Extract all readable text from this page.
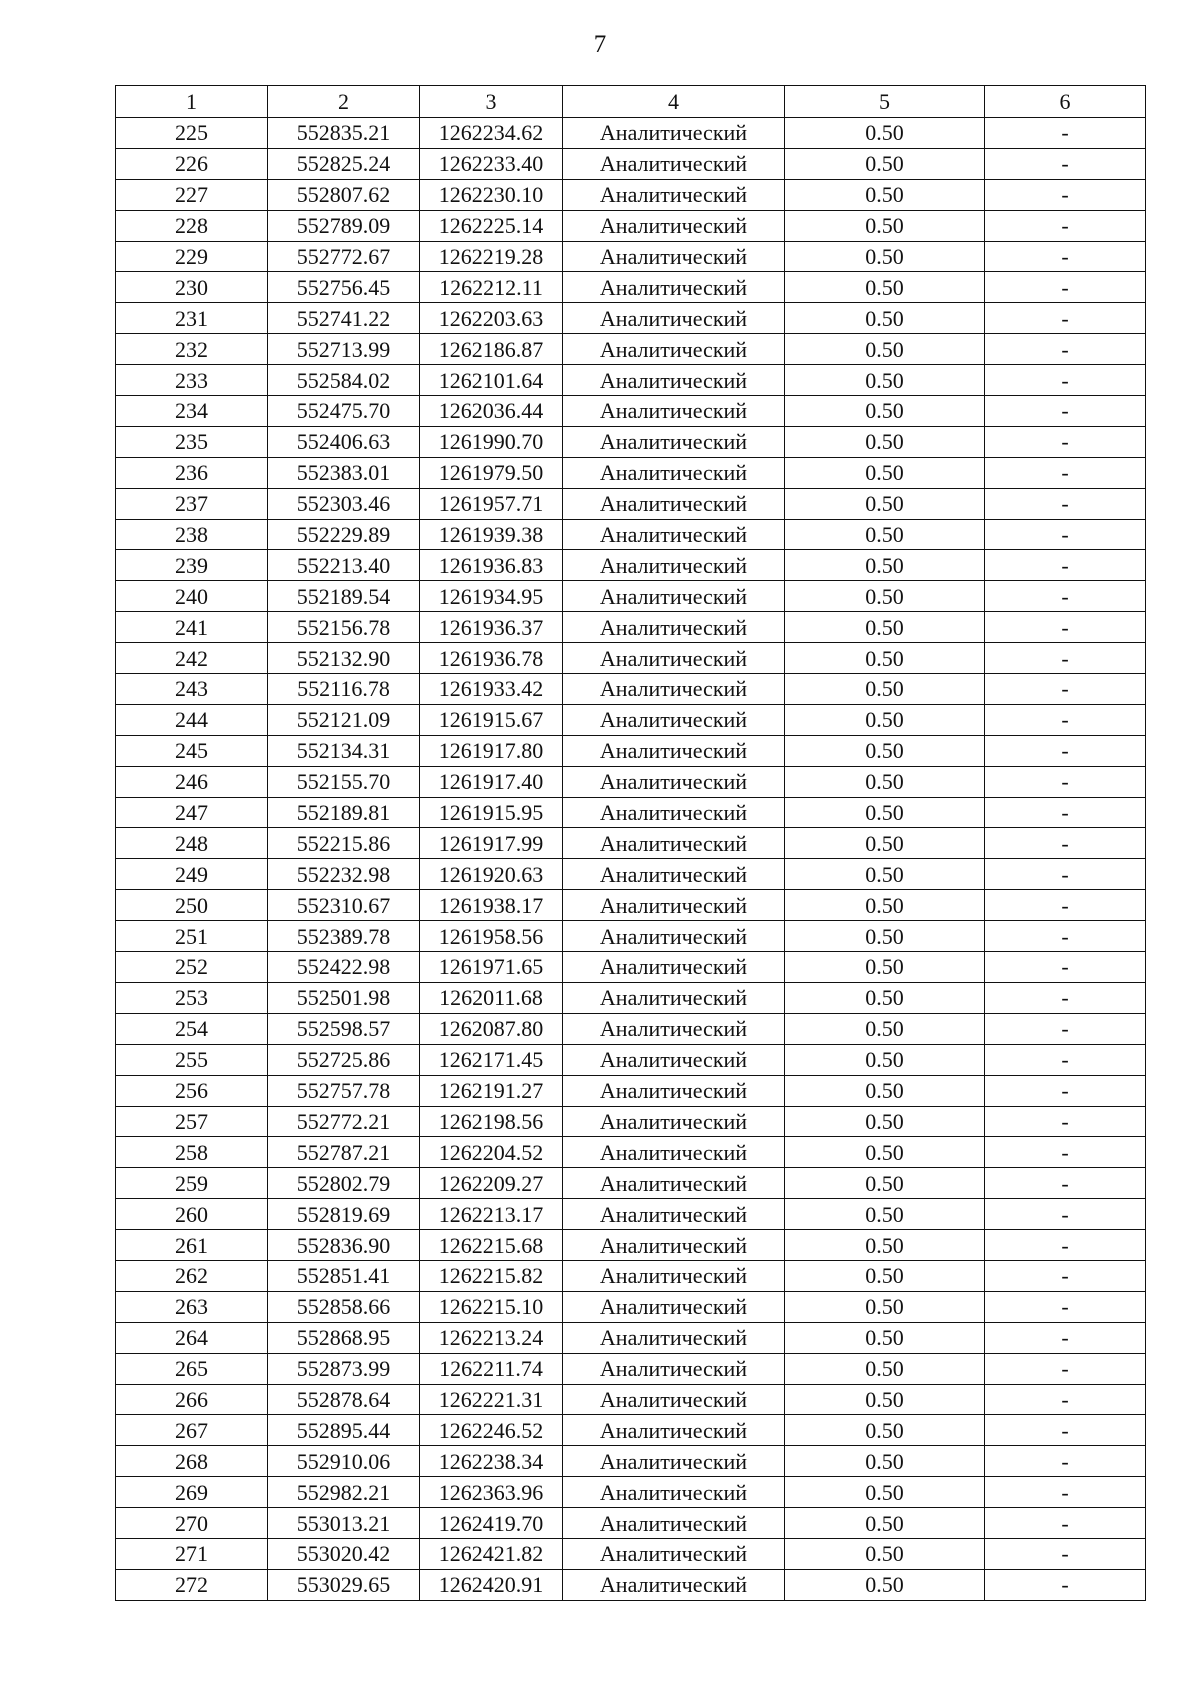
7
1	2	3	4	5	6
225	552835.21	1262234.62	Аналитический	0.50	-
226	552825.24	1262233.40	Аналитический	0.50	-
227	552807.62	1262230.10	Аналитический	0.50	-
228	552789.09	1262225.14	Аналитический	0.50	-
229	552772.67	1262219.28	Аналитический	0.50	-
230	552756.45	1262212.11	Аналитический	0.50	-
231	552741.22	1262203.63	Аналитический	0.50	-
232	552713.99	1262186.87	Аналитический	0.50	-
233	552584.02	1262101.64	Аналитический	0.50	-
234	552475.70	1262036.44	Аналитический	0.50	-
235	552406.63	1261990.70	Аналитический	0.50	-
236	552383.01	1261979.50	Аналитический	0.50	-
237	552303.46	1261957.71	Аналитический	0.50	-
238	552229.89	1261939.38	Аналитический	0.50	-
239	552213.40	1261936.83	Аналитический	0.50	-
240	552189.54	1261934.95	Аналитический	0.50	-
241	552156.78	1261936.37	Аналитический	0.50	-
242	552132.90	1261936.78	Аналитический	0.50	-
243	552116.78	1261933.42	Аналитический	0.50	-
244	552121.09	1261915.67	Аналитический	0.50	-
245	552134.31	1261917.80	Аналитический	0.50	-
246	552155.70	1261917.40	Аналитический	0.50	-
247	552189.81	1261915.95	Аналитический	0.50	-
248	552215.86	1261917.99	Аналитический	0.50	-
249	552232.98	1261920.63	Аналитический	0.50	-
250	552310.67	1261938.17	Аналитический	0.50	-
251	552389.78	1261958.56	Аналитический	0.50	-
252	552422.98	1261971.65	Аналитический	0.50	-
253	552501.98	1262011.68	Аналитический	0.50	-
254	552598.57	1262087.80	Аналитический	0.50	-
255	552725.86	1262171.45	Аналитический	0.50	-
256	552757.78	1262191.27	Аналитический	0.50	-
257	552772.21	1262198.56	Аналитический	0.50	-
258	552787.21	1262204.52	Аналитический	0.50	-
259	552802.79	1262209.27	Аналитический	0.50	-
260	552819.69	1262213.17	Аналитический	0.50	-
261	552836.90	1262215.68	Аналитический	0.50	-
262	552851.41	1262215.82	Аналитический	0.50	-
263	552858.66	1262215.10	Аналитический	0.50	-
264	552868.95	1262213.24	Аналитический	0.50	-
265	552873.99	1262211.74	Аналитический	0.50	-
266	552878.64	1262221.31	Аналитический	0.50	-
267	552895.44	1262246.52	Аналитический	0.50	-
268	552910.06	1262238.34	Аналитический	0.50	-
269	552982.21	1262363.96	Аналитический	0.50	-
270	553013.21	1262419.70	Аналитический	0.50	-
271	553020.42	1262421.82	Аналитический	0.50	-
272	553029.65	1262420.91	Аналитический	0.50	-
